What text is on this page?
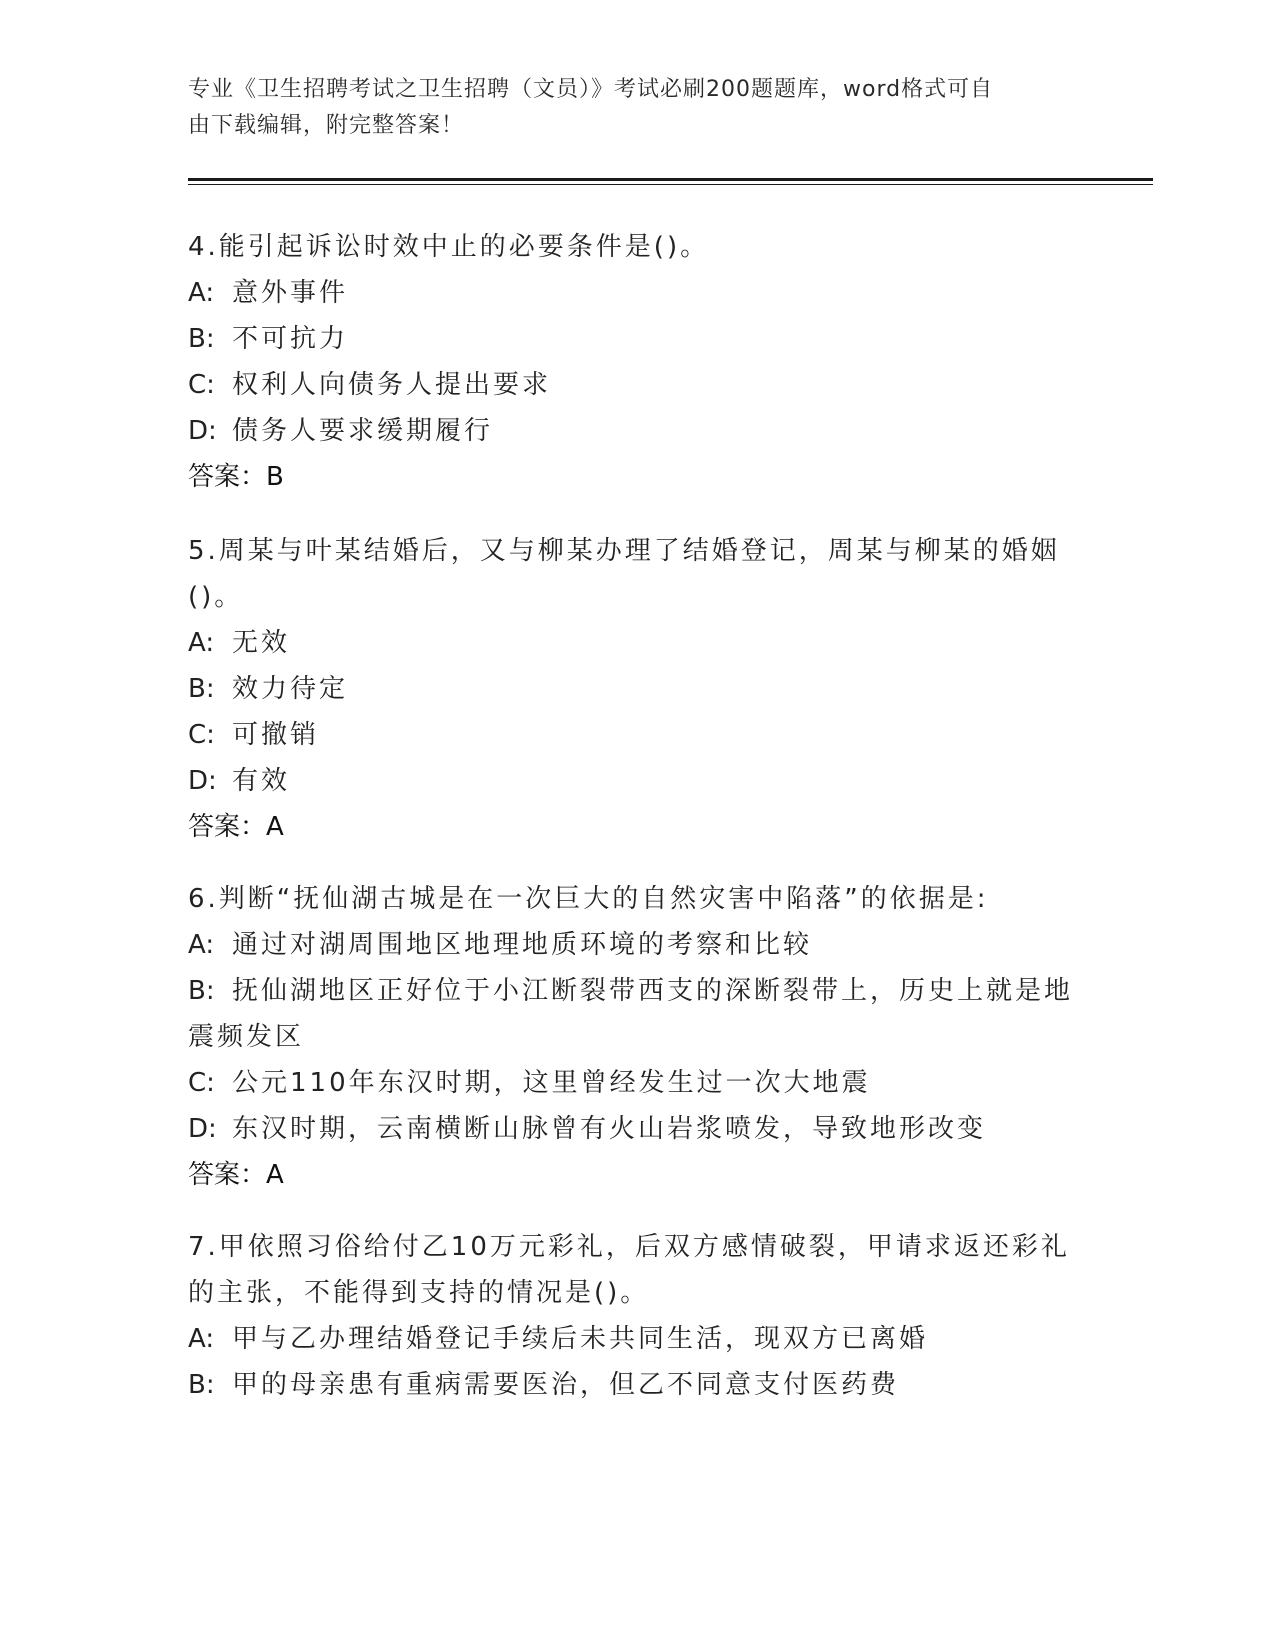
专业《卫生招聘考试之卫生招聘（文员）》考试必刷200题题库，word格式可自
由下载编辑，附完整答案！
4.能引起诉讼时效中止的必要条件是()。
A: 意外事件
B: 不可抗力
C: 权利人向债务人提出要求
D: 债务人要求缓期履行
答案：B
5.周某与叶某结婚后，又与柳某办理了结婚登记，周某与柳某的婚姻()。
A: 无效
B: 效力待定
C: 可撤销
D: 有效
答案：A
6.判断“抚仙湖古城是在一次巨大的自然灾害中陷落”的依据是:
A: 通过对湖周围地区地理地质环境的考察和比较
B: 抚仙湖地区正好位于小江断裂带西支的深断裂带上，历史上就是地震频发区
C: 公元110年东汉时期，这里曾经发生过一次大地震
D: 东汉时期，云南横断山脉曾有火山岩浆喷发，导致地形改变
答案：A
7.甲依照习俗给付乙10万元彩礼，后双方感情破裂，甲请求返还彩礼的主张，不能得到支持的情况是()。
A: 甲与乙办理结婚登记手续后未共同生活，现双方已离婚
B: 甲的母亲患有重病需要医治，但乙不同意支付医药费
